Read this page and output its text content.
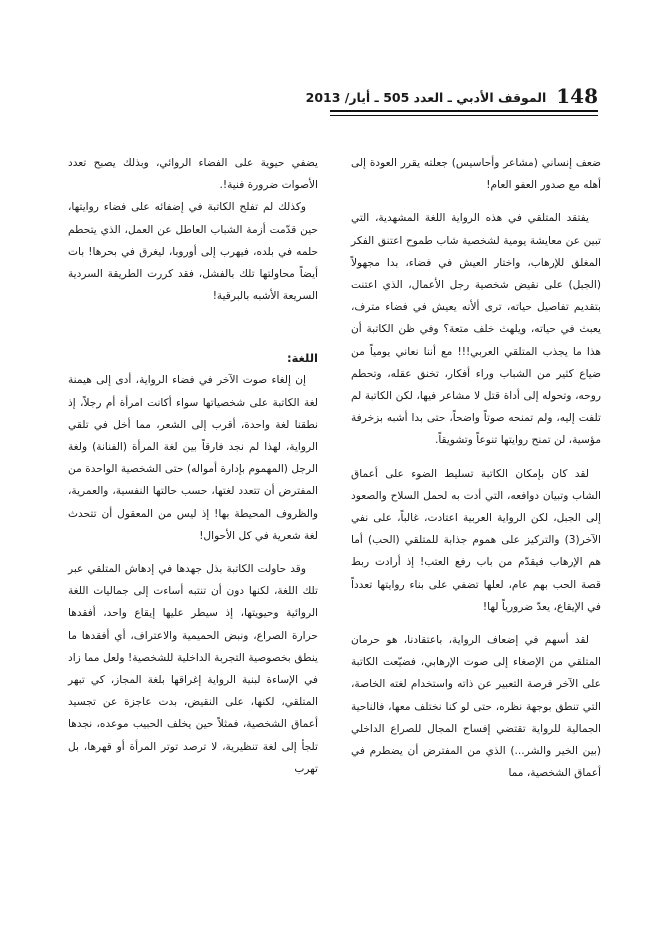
148
الموقف الأدبي ـ العدد 505 ـ أيار/ 2013

ضعف إنساني (مشاعر وأحاسيس) جعلته يقرر العودة إلى أهله مع صدور العفو العام!

يفتقد المتلقي في هذه الرواية اللغة المشهدية، التي تبين عن معايشة يومية لشخصية شاب طموح اعتنق الفكر المغلق للإرهاب، واختار العيش في فضاء، بدا مجهولاً (الجبل) على نقيض شخصية رجل الأعمال، الذي اعتنت بتقديم تفاصيل حياته، ترى ألأنه يعيش في فضاء مترف، يعبث في حياته، ويلهث خلف متعة؟ وفي ظن الكاتبة أن هذا ما يجذب المتلقي العربي!!! مع أننا نعاني يومياً من ضياع كثير من الشباب وراء أفكار، تخنق عقله، وتحطم روحه، وتحوله إلى أداة قتل لا مشاعر فيها، لكن الكاتبة لم تلفت إليه، ولم تمنحه صوتاً واضحاً، حتى بدا أشبه بزخرفة مؤسية، لن تمنح روايتها تنوعاً وتشويقاً.

لقد كان بإمكان الكاتبة تسليط الضوء على أعماق الشاب وتبيان دوافعه، التي أدت به لحمل السلاح والصعود إلى الجبل، لكن الرواية العربية اعتادت، غالباً، على نفي الآخر(3) والتركيز على هموم جذابة للمتلقي (الحب) أما هم الإرهاب فيقدّم من باب رفع العتب! إذ أرادت ربط قصة الحب بهم عام، لعلها تضفي على بناء روايتها تعدداً في الإيقاع، يعدّ ضرورياً لها!

لقد أسهم في إضعاف الرواية، باعتقادنا، هو حرمان المتلقي من الإصغاء إلى صوت الإرهابي، فضيّعت الكاتبة على الآخر فرصة التعبير عن ذاته واستخدام لغته الخاصة، التي تنطق بوجهة نظره، حتى لو كنا نختلف معها، فالناحية الجمالية للرواية تقتضي إفساح المجال للصراع الداخلي (بين الخير والشر...) الذي من المفترض أن يضطرم في أعماق الشخصية، مما

يضفي حيوية على الفضاء الروائي، وبذلك يصبح تعدد الأصوات ضرورة فنية!.

وكذلك لم تفلح الكاتبة في إضفائه على فضاء روايتها، حين قدّمت أزمة الشباب العاطل عن العمل، الذي يتحطم حلمه في بلده، فيهرب إلى أوروبا، ليغرق في بحرها! بات أيضاً محاولتها تلك بالفشل، فقد كررت الطريقة السردية السريعة الأشبه بالبرقية!

اللغة:

إن إلغاء صوت الآخر في فضاء الرواية، أدى إلى هيمنة لغة الكاتبة على شخصياتها سواء أكانت امرأة أم رجلاً، إذ نطقنا لغة واحدة، أقرب إلى الشعر، مما أخل في تلقي الرواية، لهذا لم نجد فارقاً بين لغة المرأة (الفنانة) ولغة الرجل (المهموم بإدارة أمواله) حتى الشخصية الواحدة من المفترض أن تتعدد لغتها، حسب حالتها النفسية، والعمرية، والظروف المحيطة بها! إذ ليس من المعقول أن تتحدث لغة شعرية في كل الأحوال!

وقد حاولت الكاتبة بذل جهدها في إدهاش المتلقي عبر تلك اللغة، لكنها دون أن تنتبه أساءت إلى جماليات اللغة الروائية وحيويتها، إذ سيطر عليها إيقاع واحد، أفقدها حرارة الصراع، ونبض الحميمية والاعتراف، أي أفقدها ما ينطق بخصوصية التجربة الداخلية للشخصية! ولعل مما زاد في الإساءة لبنية الرواية إغراقها بلغة المجاز، كي تبهر المتلقي، لكنها، على النقيض، بدت عاجزة عن تجسيد أعماق الشخصية، فمثلاً حين يخلف الحبيب موعده، نجدها تلجأ إلى لغة تنظيرية، لا ترصد توتر المرأة أو قهرها، بل تهرب
